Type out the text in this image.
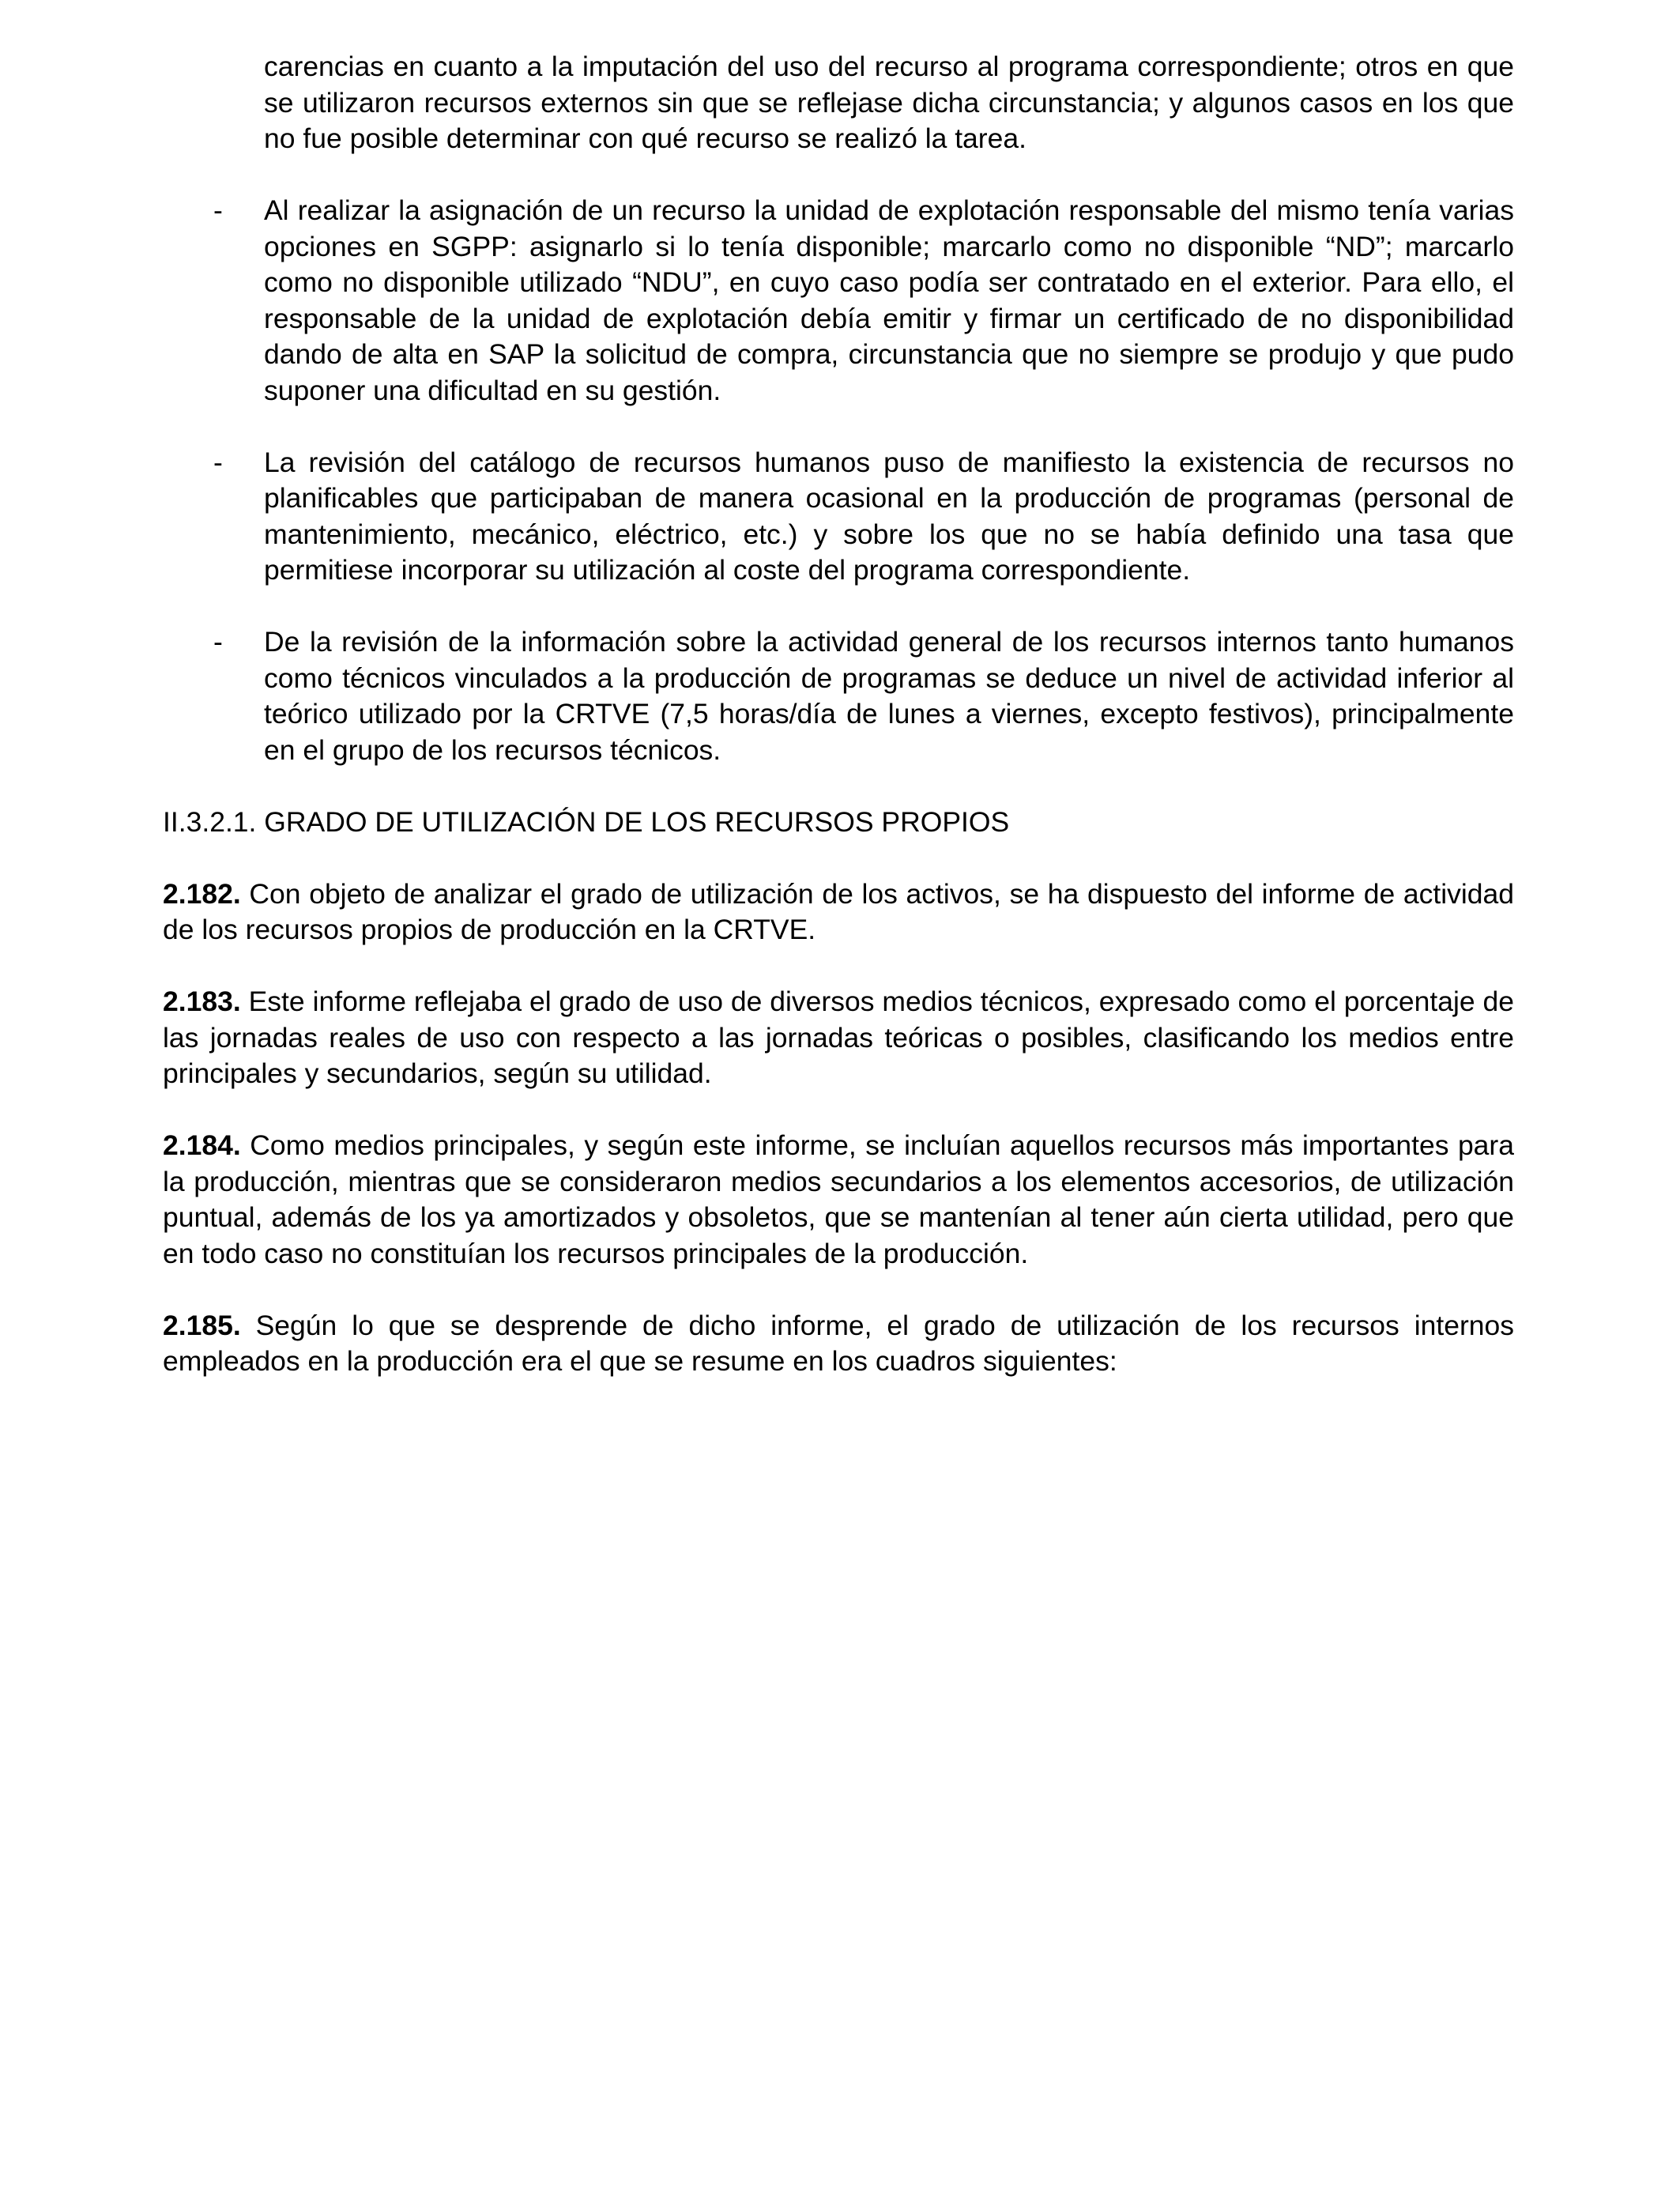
carencias en cuanto a la imputación del uso del recurso al programa correspondiente; otros en que se utilizaron recursos externos sin que se reflejase dicha circunstancia; y algunos casos en los que no fue posible determinar con qué recurso se realizó la tarea.

- Al realizar la asignación de un recurso la unidad de explotación responsable del mismo tenía varias opciones en SGPP: asignarlo si lo tenía disponible; marcarlo como no disponible “ND”; marcarlo como no disponible utilizado “NDU”, en cuyo caso podía ser contratado en el exterior. Para ello, el responsable de la unidad de explotación debía emitir y firmar un certificado de no disponibilidad dando de alta en SAP la solicitud de compra, circunstancia que no siempre se produjo y que pudo suponer una dificultad en su gestión.

- La revisión del catálogo de recursos humanos puso de manifiesto la existencia de recursos no planificables que participaban de manera ocasional en la producción de programas (personal de mantenimiento, mecánico, eléctrico, etc.) y sobre los que no se había definido una tasa que permitiese incorporar su utilización al coste del programa correspondiente.

- De la revisión de la información sobre la actividad general de los recursos internos tanto humanos como técnicos vinculados a la producción de programas se deduce un nivel de actividad inferior al teórico utilizado por la CRTVE (7,5 horas/día de lunes a viernes, excepto festivos), principalmente en el grupo de los recursos técnicos.

II.3.2.1. GRADO DE UTILIZACIÓN DE LOS RECURSOS PROPIOS

2.182. Con objeto de analizar el grado de utilización de los activos, se ha dispuesto del informe de actividad de los recursos propios de producción en la CRTVE.

2.183. Este informe reflejaba el grado de uso de diversos medios técnicos, expresado como el porcentaje de las jornadas reales de uso con respecto a las jornadas teóricas o posibles, clasificando los medios entre principales y secundarios, según su utilidad.

2.184. Como medios principales, y según este informe, se incluían aquellos recursos más importantes para la producción, mientras que se consideraron medios secundarios a los elementos accesorios, de utilización puntual, además de los ya amortizados y obsoletos, que se mantenían al tener aún cierta utilidad, pero que en todo caso no constituían los recursos principales de la producción.

2.185. Según lo que se desprende de dicho informe, el grado de utilización de los recursos internos empleados en la producción era el que se resume en los cuadros siguientes:
